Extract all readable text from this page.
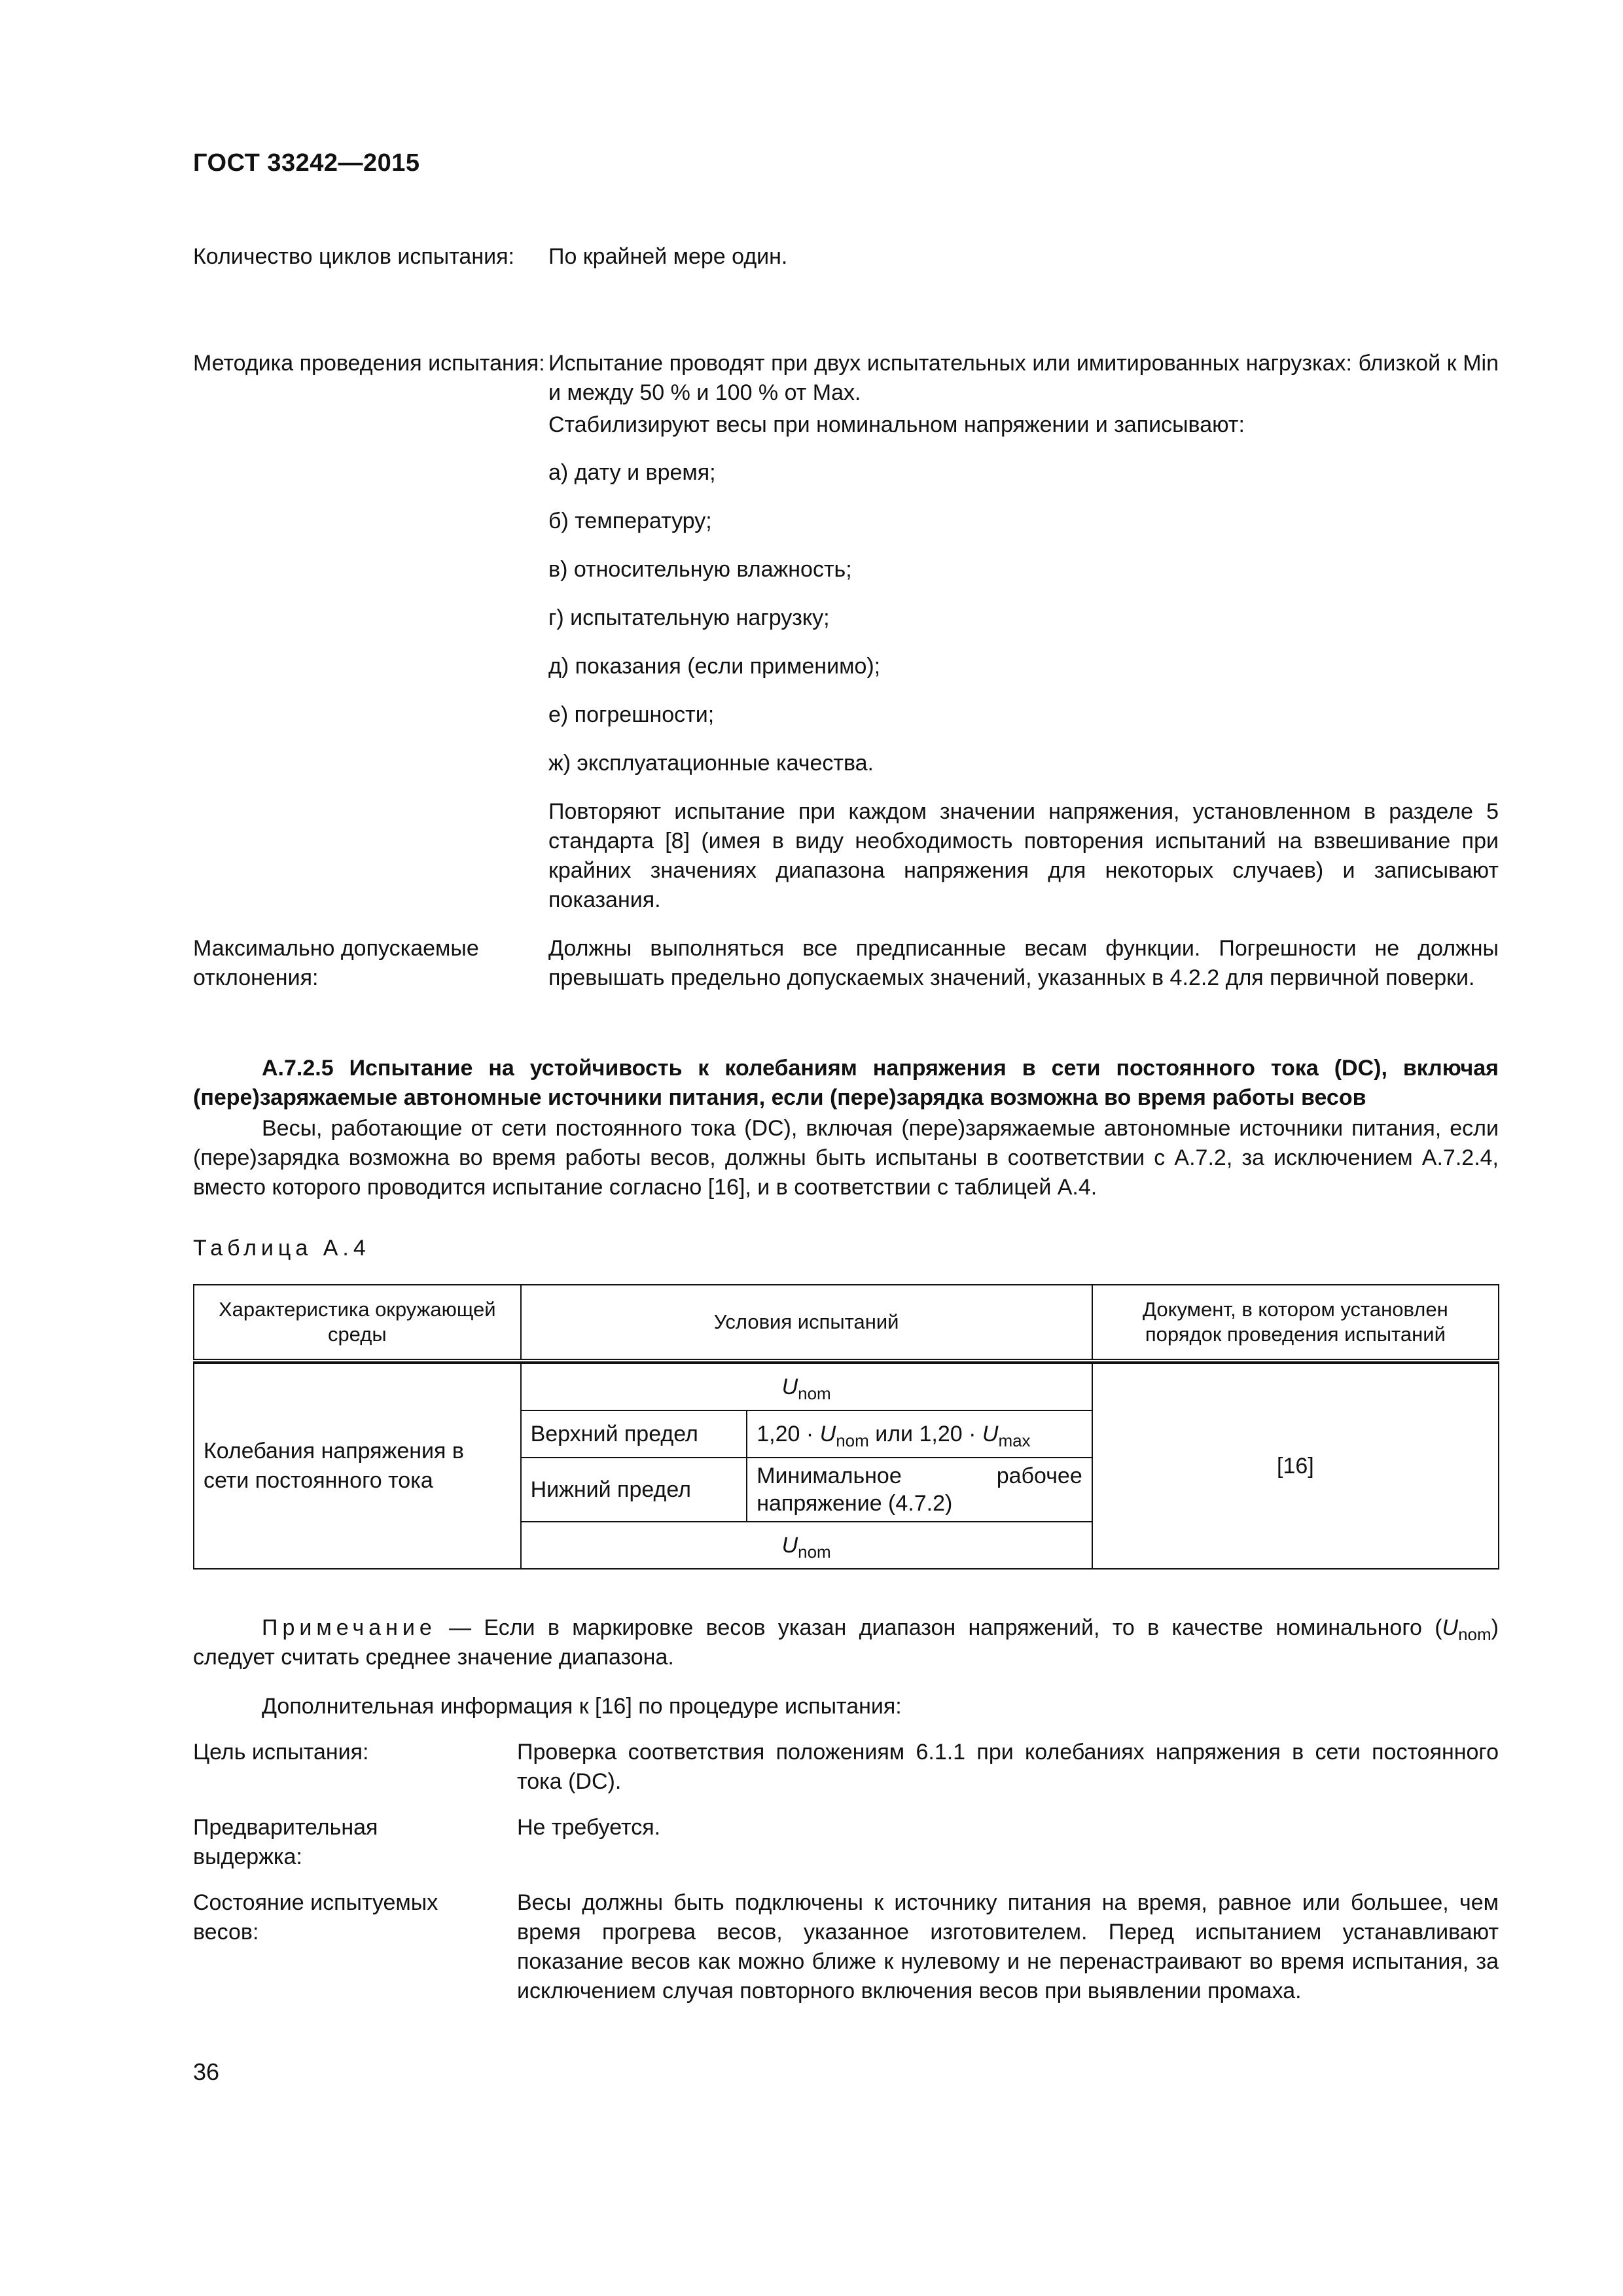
ГОСТ 33242—2015
Количество циклов испытания:	По крайней мере один.
Методика проведения испытания: Испытание проводят при двух испытательных или имитированных нагрузках: близкой к Min и между 50 % и 100 % от Max.
Стабилизируют весы при номинальном напряжении и записывают:
а) дату и время;
б) температуру;
в) относительную влажность;
г) испытательную нагрузку;
д) показания (если применимо);
е) погрешности;
ж) эксплуатационные качества.
Повторяют испытание при каждом значении напряжения, установленном в разделе 5 стандарта [8] (имея в виду необходимость повторения испытаний на взвешивание при крайних значениях диапазона напряжения для некоторых случаев) и записывают показания.
Максимально допускаемые отклонения:
Должны выполняться все предписанные весам функции. Погрешности не должны превышать предельно допускаемых значений, указанных в 4.2.2 для первичной поверки.
А.7.2.5 Испытание на устойчивость к колебаниям напряжения в сети постоянного тока (DC), включая (пере)заряжаемые автономные источники питания, если (пере)зарядка возможна во время работы весов
Весы, работающие от сети постоянного тока (DC), включая (пере)заряжаемые автономные источники питания, если (пере)зарядка возможна во время работы весов, должны быть испытаны в соответствии с А.7.2, за исключением А.7.2.4, вместо которого проводится испытание согласно [16], и в соответствии с таблицей А.4.
Таблица А.4
Характеристика окружающей среды	Условия испытаний		Документ, в котором установлен порядок проведения испытаний

Колебания напряжения в сети постоянного тока	$U_{nom}$		[16]
	Верхний предел	$1,20 \cdot U_{nom}$ или $1,20 \cdot U_{max}$
	Нижний предел	Минимальное рабочее напряжение (4.7.2)	
	$U_{nom}$
Примечание — Если в маркировке весов указан диапазон напряжений, то в качестве номинального $(U_{nom})$ следует считать среднее значение диапазона.
Дополнительная информация к [16] по процедуре испытания:
Цель испытания:	Проверка соответствия положениям 6.1.1 при колебаниях напряжения в сети постоянного тока (DC).
Предварительная выдержка:
Не требуется.
Состояние испытуемых весов:
Весы должны быть подключены к источнику питания на время, равное или большее, чем время прогрева весов, указанное изготовителем. Перед испытанием устанавливают показание весов как можно ближе к нулевому и не перенастраивают во время испытания, за исключением случая повторного включения весов при выявлении промаха.
36
